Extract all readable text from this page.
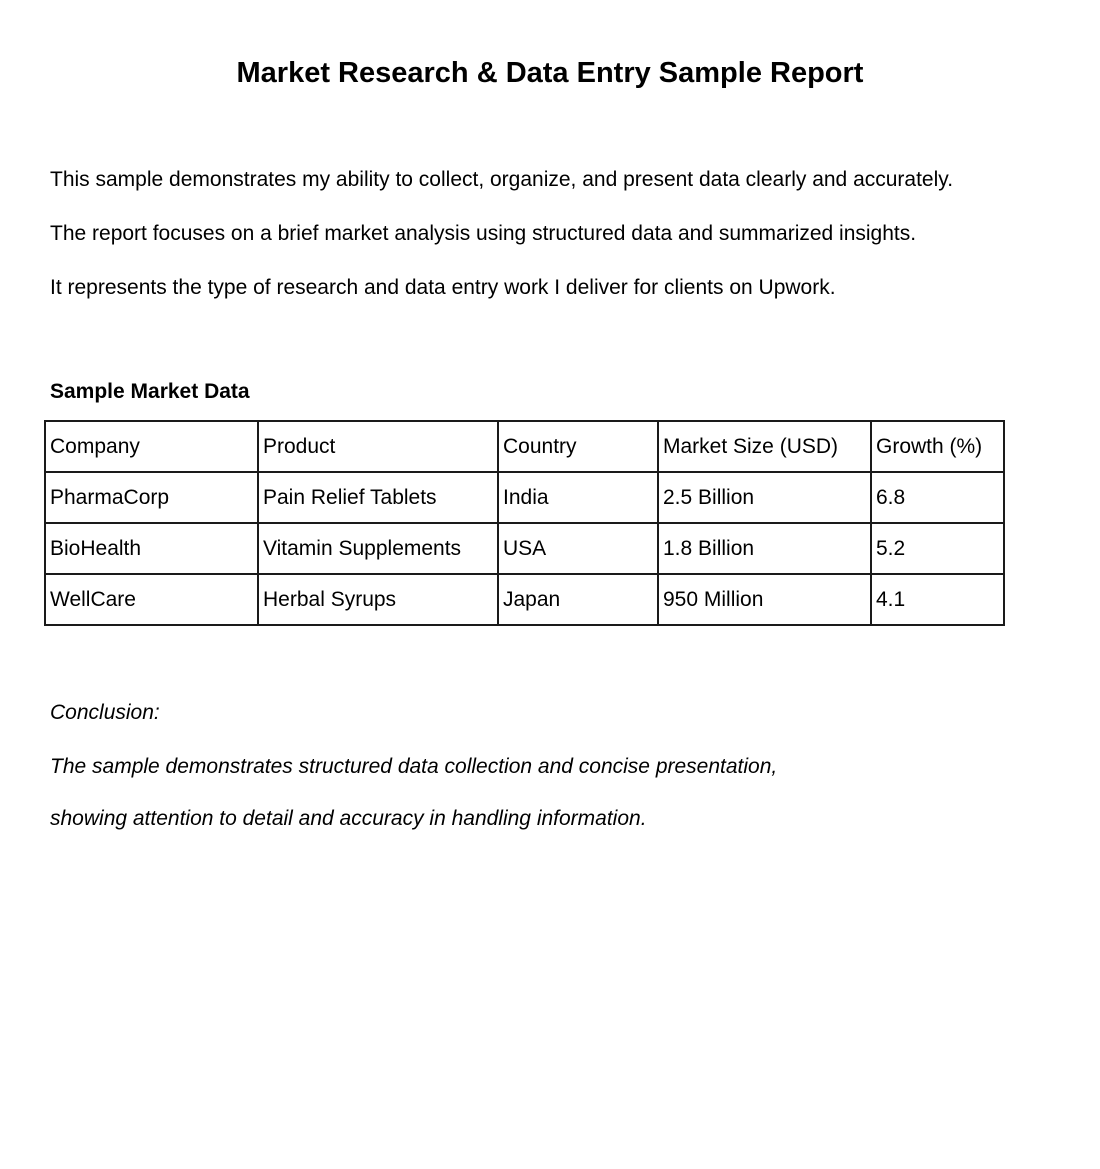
Market Research & Data Entry Sample Report

This sample demonstrates my ability to collect, organize, and present data clearly and accurately.

The report focuses on a brief market analysis using structured data and summarized insights.

It represents the type of research and data entry work I deliver for clients on Upwork.

Sample Market Data
Company	Product	Country	Market Size (USD)	Growth (%)
PharmaCorp	Pain Relief Tablets	India	2.5 Billion	6.8
BioHealth	Vitamin Supplements	USA	1.8 Billion	5.2
WellCare	Herbal Syrups	Japan	950 Million	4.1

Conclusion:

The sample demonstrates structured data collection and concise presentation,

showing attention to detail and accuracy in handling information.
